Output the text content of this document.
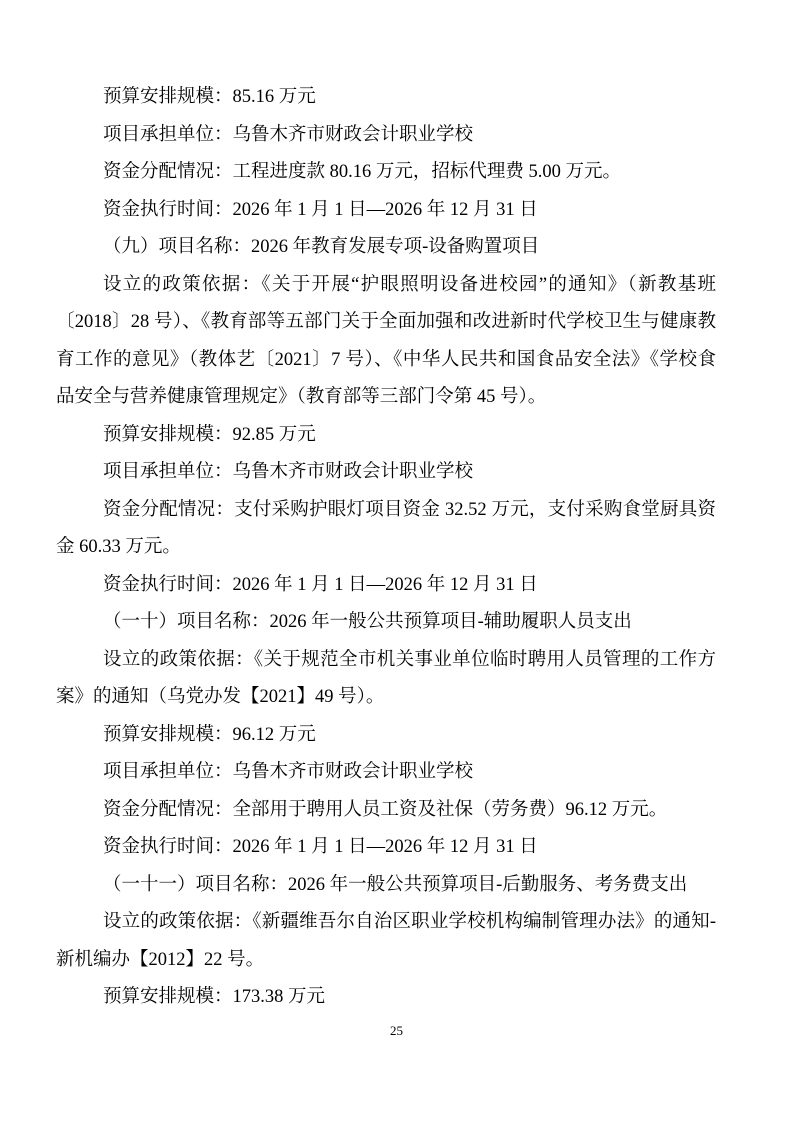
预算安排规模：85.16 万元

项目承担单位：乌鲁木齐市财政会计职业学校

资金分配情况：工程进度款 80.16 万元，招标代理费 5.00 万元。

资金执行时间：2026 年 1 月 1 日—2026 年 12 月 31 日

（九）项目名称：2026 年教育发展专项-设备购置项目

设立的政策依据：《关于开展“护眼照明设备进校园”的通知》（新教基班〔2018〕28 号）、《教育部等五部门关于全面加强和改进新时代学校卫生与健康教育工作的意见》（教体艺〔2021〕7 号）、《中华人民共和国食品安全法》《学校食品安全与营养健康管理规定》（教育部等三部门令第 45 号）。

预算安排规模：92.85 万元

项目承担单位：乌鲁木齐市财政会计职业学校

资金分配情况：支付采购护眼灯项目资金 32.52 万元，支付采购食堂厨具资金 60.33 万元。

资金执行时间：2026 年 1 月 1 日—2026 年 12 月 31 日

（一十）项目名称：2026 年一般公共预算项目-辅助履职人员支出

设立的政策依据：《关于规范全市机关事业单位临时聘用人员管理的工作方案》的通知（乌党办发【2021】49 号）。

预算安排规模：96.12 万元

项目承担单位：乌鲁木齐市财政会计职业学校

资金分配情况：全部用于聘用人员工资及社保（劳务费）96.12 万元。

资金执行时间：2026 年 1 月 1 日—2026 年 12 月 31 日

（一十一）项目名称：2026 年一般公共预算项目-后勤服务、考务费支出

设立的政策依据：《新疆维吾尔自治区职业学校机构编制管理办法》的通知-新机编办【2012】22 号。

预算安排规模：173.38 万元

25
